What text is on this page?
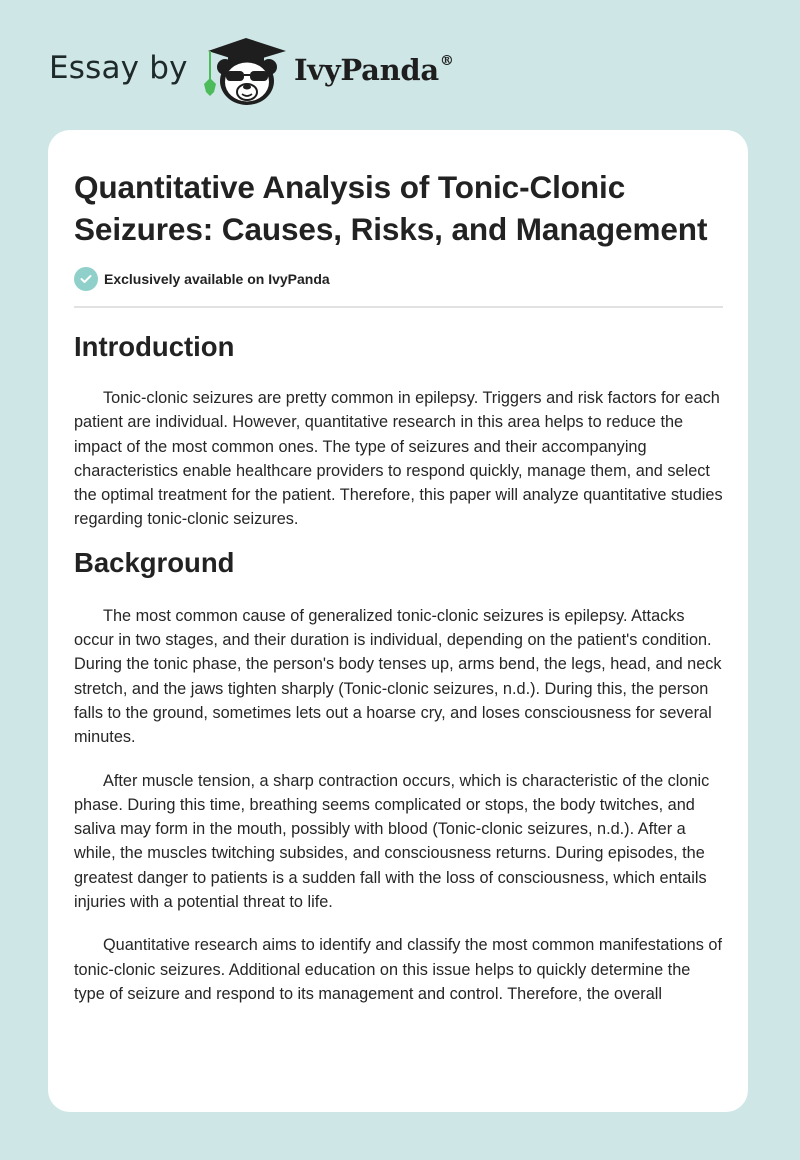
Essay by	IvyPanda®
Quantitative Analysis of Tonic-Clonic Seizures: Causes, Risks, and Management
Exclusively available on IvyPanda
Introduction

Tonic-clonic seizures are pretty common in epilepsy. Triggers and risk factors for each patient are individual. However, quantitative research in this area helps to reduce the impact of the most common ones. The type of seizures and their accompanying characteristics enable healthcare providers to respond quickly, manage them, and select the optimal treatment for the patient. Therefore, this paper will analyze quantitative studies regarding tonic-clonic seizures.

Background

The most common cause of generalized tonic-clonic seizures is epilepsy. Attacks occur in two stages, and their duration is individual, depending on the patient's condition. During the tonic phase, the person's body tenses up, arms bend, the legs, head, and neck stretch, and the jaws tighten sharply (Tonic-clonic seizures, n.d.). During this, the person falls to the ground, sometimes lets out a hoarse cry, and loses consciousness for several minutes.

After muscle tension, a sharp contraction occurs, which is characteristic of the clonic phase. During this time, breathing seems complicated or stops, the body twitches, and saliva may form in the mouth, possibly with blood (Tonic-clonic seizures, n.d.). After a while, the muscles twitching subsides, and consciousness returns. During episodes, the greatest danger to patients is a sudden fall with the loss of consciousness, which entails injuries with a potential threat to life.

Quantitative research aims to identify and classify the most common manifestations of tonic-clonic seizures. Additional education on this issue helps to quickly determine the type of seizure and respond to its management and control. Therefore, the overall
